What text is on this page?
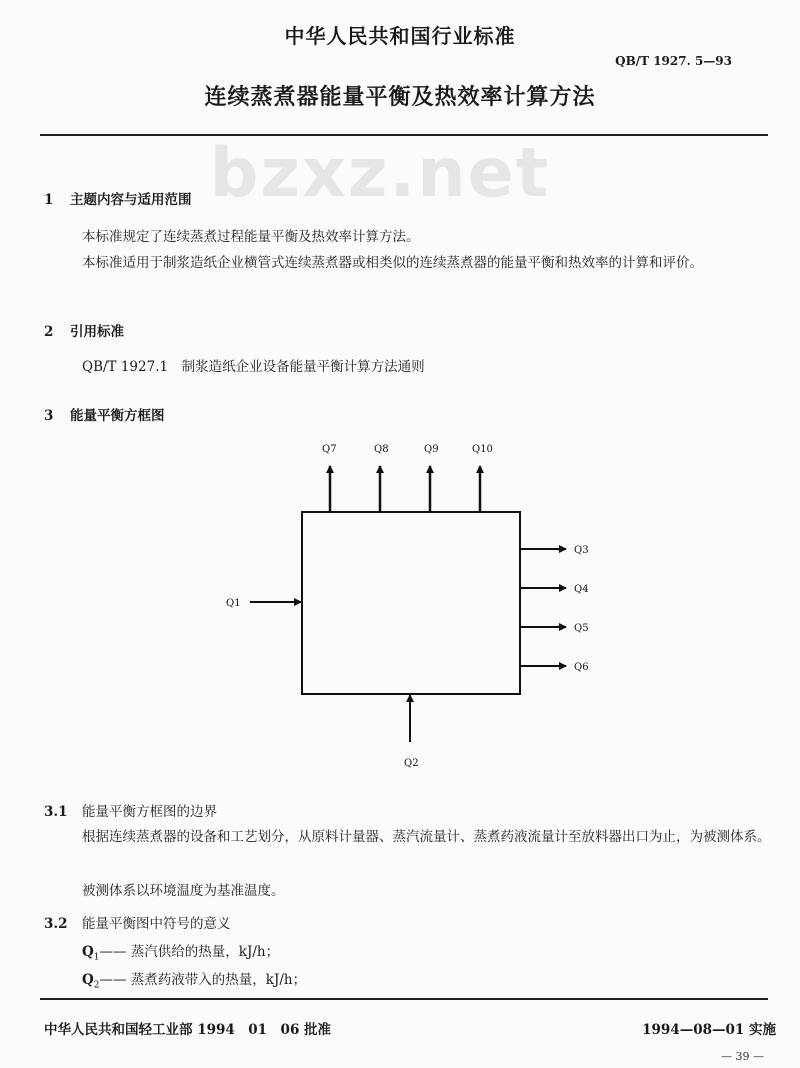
中华人民共和国行业标准
QB/T 1927. 5—93
连续蒸煮器能量平衡及热效率计算方法
bzxz.net
1 主题内容与适用范围
本标准规定了连续蒸煮过程能量平衡及热效率计算方法。
本标准适用于制浆造纸企业横管式连续蒸煮器或相类似的连续蒸煮器的能量平衡和热效率的计算和评价。
2 引用标准
QB/T 1927.1　制浆造纸企业设备能量平衡计算方法通则
3 能量平衡方框图
Q7	Q8	Q9	Q10
Q3
Q4
Q5
Q6
Q1
Q2
3.1 能量平衡方框图的边界
根据连续蒸煮器的设备和工艺划分，从原料计量器、蒸汽流量计、蒸煮药液流量计至放料器出口为止，为被测体系。
被测体系以环境温度为基准温度。
3.2 能量平衡图中符号的意义
$Q_1——$ 蒸汽供给的热量，kJ/h；
$Q_2——$ 蒸煮药液带入的热量，kJ/h；
中华人民共和国轻工业部 1994　01　06 批准	1994—08—01 实施
— 39 —
